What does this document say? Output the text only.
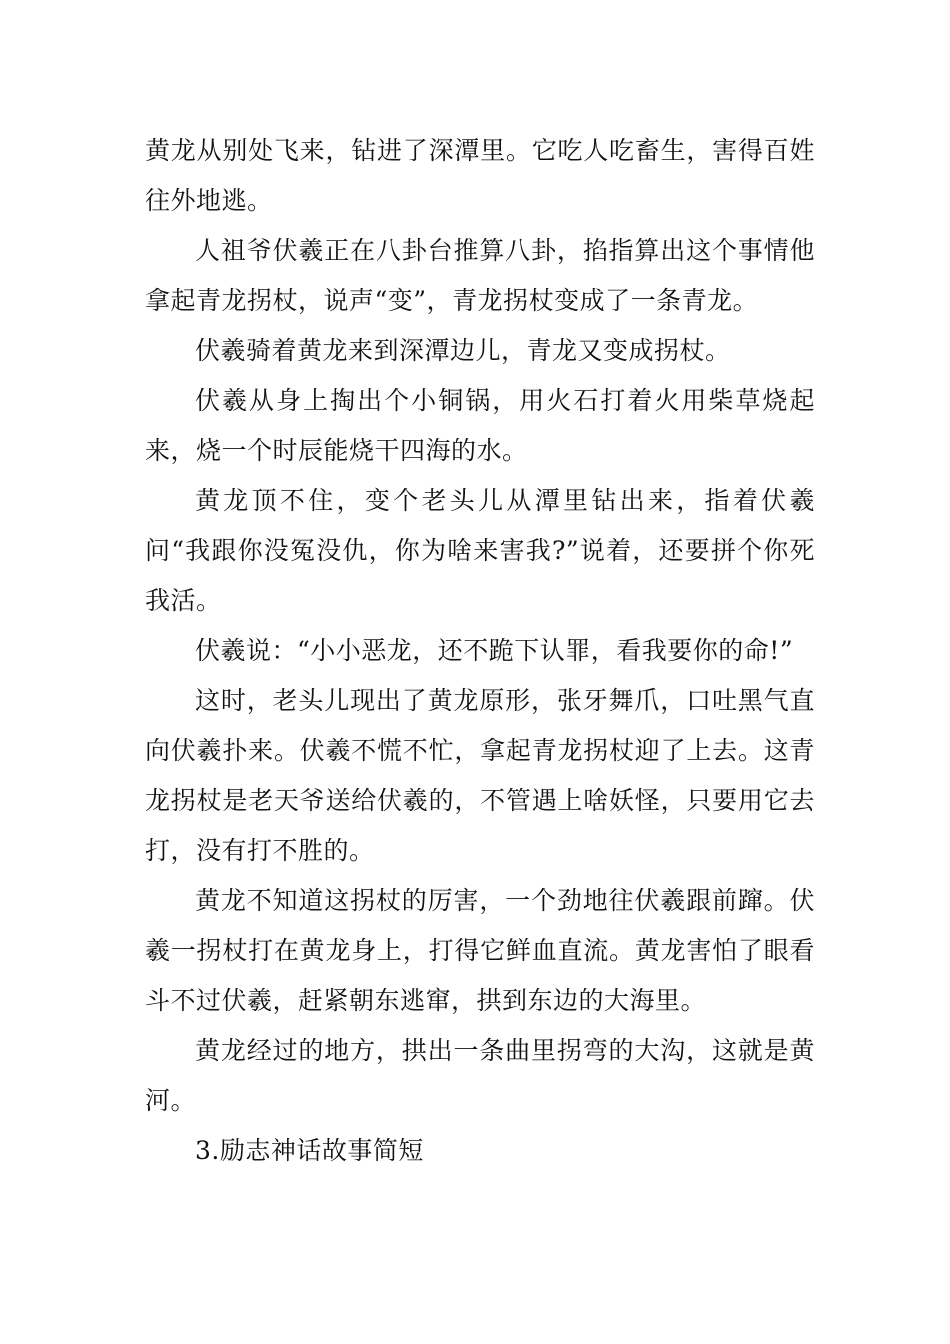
黄龙从别处飞来，钻进了深潭里。它吃人吃畜生，害得百姓往外地逃。

人祖爷伏羲正在八卦台推算八卦，掐指算出这个事情他拿起青龙拐杖，说声“变”，青龙拐杖变成了一条青龙。

伏羲骑着黄龙来到深潭边儿，青龙又变成拐杖。

伏羲从身上掏出个小铜锅，用火石打着火用柴草烧起来，烧一个时辰能烧干四海的水。

黄龙顶不住，变个老头儿从潭里钻出来，指着伏羲问“我跟你没冤没仇，你为啥来害我?”说着，还要拼个你死我活。

伏羲说：“小小恶龙，还不跪下认罪，看我要你的命!”

这时，老头儿现出了黄龙原形，张牙舞爪，口吐黑气直向伏羲扑来。伏羲不慌不忙，拿起青龙拐杖迎了上去。这青龙拐杖是老天爷送给伏羲的，不管遇上啥妖怪，只要用它去打，没有打不胜的。

黄龙不知道这拐杖的厉害，一个劲地往伏羲跟前蹿。伏羲一拐杖打在黄龙身上，打得它鲜血直流。黄龙害怕了眼看斗不过伏羲，赶紧朝东逃窜，拱到东边的大海里。

黄龙经过的地方，拱出一条曲里拐弯的大沟，这就是黄河。

3.励志神话故事简短
